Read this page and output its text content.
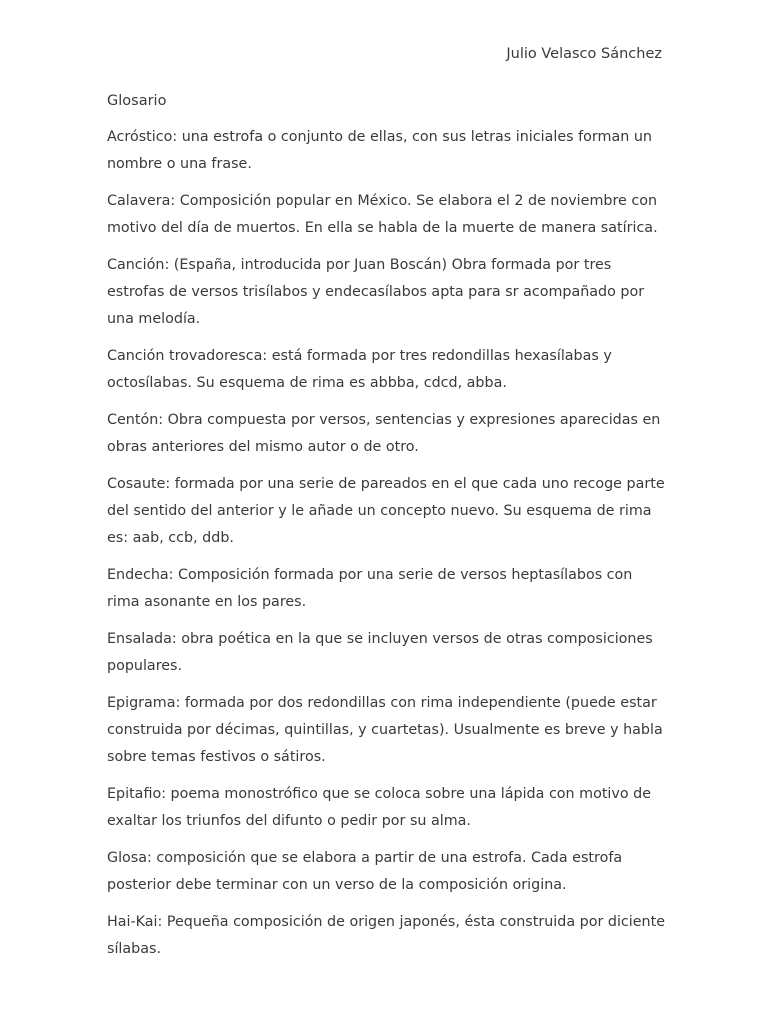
Julio Velasco Sánchez

Glosario

Acróstico: una estrofa o conjunto de ellas, con sus letras iniciales forman un nombre o una frase.

Calavera: Composición popular en México. Se elabora el 2 de noviembre con motivo del día de muertos. En ella se habla de la muerte de manera satírica.

Canción: (España, introducida por Juan Boscán) Obra formada por tres estrofas de versos trisílabos y endecasílabos apta para sr acompañado por una melodía.

Canción trovadoresca: está formada por tres redondillas hexasílabas y octosílabas. Su esquema de rima es abbba, cdcd, abba.

Centón: Obra compuesta por versos, sentencias y expresiones aparecidas en obras anteriores del mismo autor o de otro.

Cosaute: formada por una serie de pareados en el que cada uno recoge parte del sentido del anterior y le añade un concepto nuevo. Su esquema de rima es: aab, ccb, ddb.

Endecha: Composición formada por una serie de versos heptasílabos con rima asonante en los pares.

Ensalada: obra poética en la que se incluyen versos de otras composiciones populares.

Epigrama: formada por dos redondillas con rima independiente (puede estar construida por décimas, quintillas, y cuartetas). Usualmente es breve y habla sobre temas festivos o sátiros.

Epitafio: poema monostrófico que se coloca sobre una lápida con motivo de exaltar los triunfos del difunto o pedir por su alma.

Glosa: composición que se elabora a partir de una estrofa. Cada estrofa posterior debe terminar con un verso de la composición origina.

Hai-Kai: Pequeña composición de origen japonés, ésta construida por diciente sílabas.
